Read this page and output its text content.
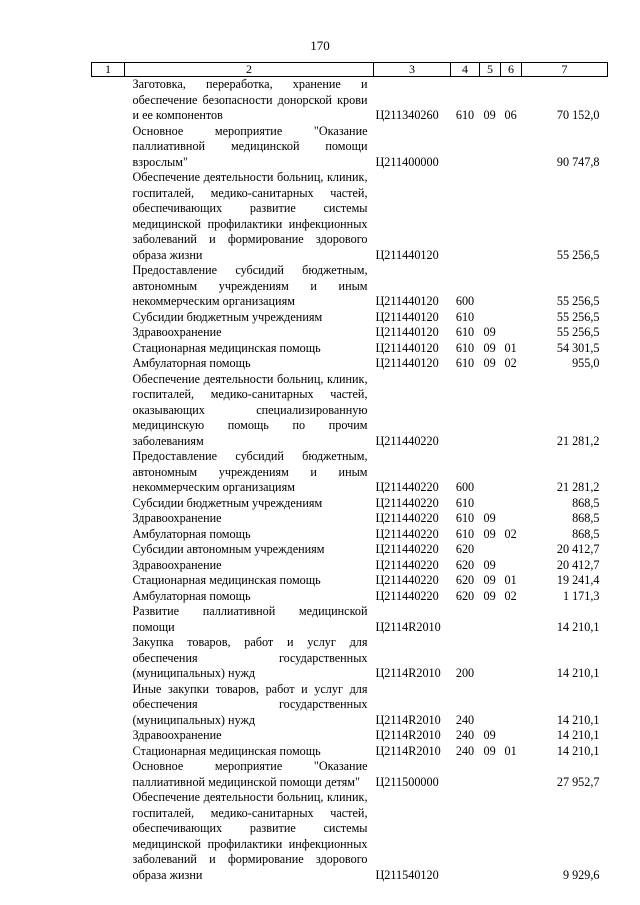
170
1	2	3	4	5	6	7
Заготовка, переработка, хранение и обеспечение безопасности донорской крови и ее компонентов		Ц211340260	610	09	06	70 152,0
Основное мероприятие "Оказание паллиативной медицинской помощи взрослым"		Ц211400000				90 747,8
Обеспечение деятельности больниц, клиник, госпиталей, медико-санитарных частей, обеспечивающих развитие системы медицинской профилактики инфекционных заболеваний и формирование здорового образа жизни		Ц211440120				55 256,5
Предоставление субсидий бюджетным, автономным учреждениям и иным некоммерческим организациям		Ц211440120	600			55 256,5
Субсидии бюджетным учреждениям		Ц211440120	610			55 256,5
Здравоохранение		Ц211440120	610	09		55 256,5
Стационарная медицинская помощь		Ц211440120	610	09	01	54 301,5
Амбулаторная помощь		Ц211440120	610	09	02	955,0
Обеспечение деятельности больниц, клиник, госпиталей, медико-санитарных частей, оказывающих специализированную медицинскую помощь по прочим заболеваниям		Ц211440220				21 281,2
Предоставление субсидий бюджетным, автономным учреждениям и иным некоммерческим организациям		Ц211440220	600			21 281,2
Субсидии бюджетным учреждениям		Ц211440220	610			868,5
Здравоохранение		Ц211440220	610	09		868,5
Амбулаторная помощь		Ц211440220	610	09	02	868,5
Субсидии автономным учреждениям		Ц211440220	620			20 412,7
Здравоохранение		Ц211440220	620	09		20 412,7
Стационарная медицинская помощь		Ц211440220	620	09	01	19 241,4
Амбулаторная помощь		Ц211440220	620	09	02	1 171,3
Развитие паллиативной медицинской помощи		Ц2114R2010				14 210,1
Закупка товаров, работ и услуг для обеспечения государственных (муниципальных) нужд		Ц2114R2010	200			14 210,1
Иные закупки товаров, работ и услуг для обеспечения государственных (муниципальных) нужд		Ц2114R2010	240			14 210,1
Здравоохранение		Ц2114R2010	240	09		14 210,1
Стационарная медицинская помощь		Ц2114R2010	240	09	01	14 210,1
Основное мероприятие "Оказание паллиативной медицинской помощи детям"		Ц211500000				27 952,7
Обеспечение деятельности больниц, клиник, госпиталей, медико-санитарных частей, обеспечивающих развитие системы медицинской профилактики инфекционных заболеваний и формирование здорового образа жизни		Ц211540120				9 929,6
